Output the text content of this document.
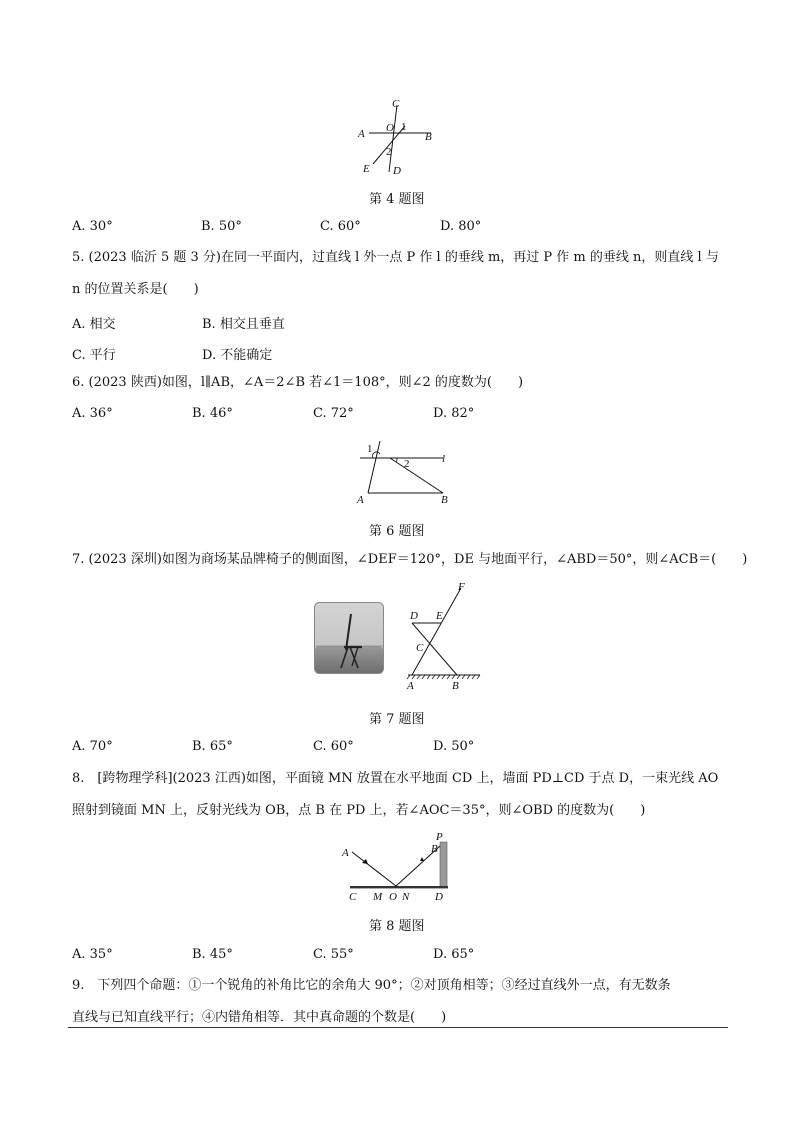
C
A O 1
B
2
E D
第 4 题图
A. 30°	B. 50°	C. 60°	D. 80°
5. (2023 临沂 5 题 3 分)在同一平面内，过直线 l 外一点 P 作 l 的垂线 m，再过 P 作 m 的垂线 n，则直线 l 与
n 的位置关系是(　　)
A. 相交	B. 相交且垂直
C. 平行	D. 不能确定
6. (2023 陕西)如图，l∥AB，∠A＝2∠B 若∠1＝108°，则∠2 的度数为(　　)
A. 36°	B. 46°	C. 72°	D. 82°
1
2	l
A	B
第 6 题图
7. (2023 深圳)如图为商场某品牌椅子的侧面图，∠DEF＝120°，DE 与地面平行，∠ABD＝50°，则∠ACB＝(　　)
F
D E
C
A	B
第 7 题图
A. 70°	B. 65°	C. 60°	D. 50°
8.　[跨物理学科](2023 江西)如图，平面镜 MN 放置在水平地面 CD 上，墙面 PD⊥CD 于点 D，一束光线 AO
照射到镜面 MN 上，反射光线为 OB，点 B 在 PD 上，若∠AOC＝35°，则∠OBD 的度数为(　　)
P
A	B
C M O N D
第 8 题图
A. 35°	B. 45°	C. 55°	D. 65°
9.　下列四个命题：①一个锐角的补角比它的余角大 90°；②对顶角相等；③经过直线外一点，有无数条
直线与已知直线平行；④内错角相等．其中真命题的个数是(　　)
